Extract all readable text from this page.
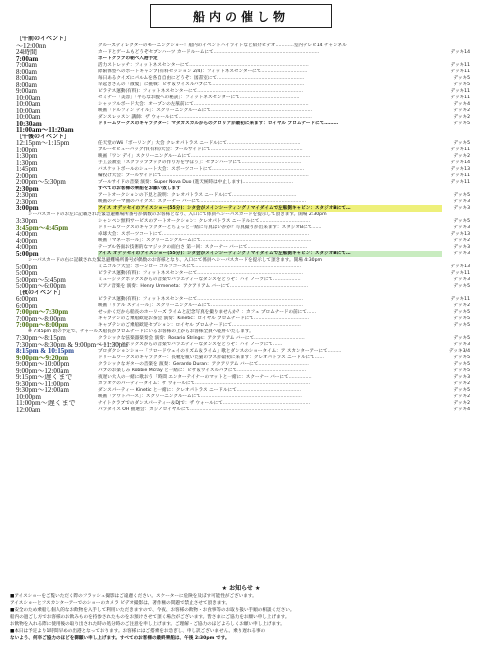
船内の催し物
［午前のイベント］
～12:00nn	クルーズディレクターのモーニングショー！船内のイベントハイライトなど紹介ビデオ…………室内テレビ14 チャンネル
24時間	カードとゲームもどうぞセブンハーツ カードルームにて……………………………………………………………	デッキ14
7:00am	ボートクラブの朝べ入港予定
7:00am	活力ストレッチ：フィットネスセンターにて……………………………………………………………………	デッキ11
8:00am	際限体型へのボートキャンプ(有料セッション 2/4)：フィットネスセンターにて…………………………	デッキ11
8:00am	毎日あるクイズにパルムを各自自由にどうぞ：図書室にて…………………………………………………	デッキ5
8:00am	早起きさんの「散髪」に挑戦：ピザ＆ウイスルバブにて……………………………………………………	デッキ5
9:00am	ピラテス運動(有料)：フィットネスセンターにて……………………………………………………………	デッキ11
10:00am	セミナー「美容」「平らなお腹への秘訣」：フィットネスセンターにて…………………………………	デッキ11
10:00am	シャッフルボード大会：オープンの左舷前にて…………………………………………………………………	デッキ4
10:00am	映画「ドルフィン テイル」：スクリーニングルームにて…………………………………………………………	デッキ2
10:00am	ダンスレッスン 講師：ザ ウォールにて……………………………………………………………………………	デッキ2
10:30am	ドリームワークスのキャラクター：マダガスカルからのグロリアが最初に来ます：ロイヤル プロムナードにて………	デッキ5
11:00am～11:20am
［午後のイベント］
12:15pm～1:15pm	任天堂のWii「ボーリング」大会 クレオパトラス ニードルにて…………………………………………	デッキ5
1:00pm	ブルーゼビューバッグ作(有料)大会：ブールサイドにて……………………………………………………	デッキ11
1:30pm	映画「ワン デイ」スクリーニングルームにて……………………………………………………………………	デッキ2
1:30pm	手工芸教室「スクラップブックの作り方を学ぼう」：セブンハーツにて…………………………………	デッキ14
1:45pm	バスケットボールのシュート大会：スポーツコートにて……………………………………………………	デッキ13
2:00pm	輪投げ大会：プールサイドにて……………………………………………………………………………………	デッキ11
2:00pm～5:30pm	プールサイドの音楽 演奏：Super Nova Duo (進天候時は中止します)……………………………	デッキ11
2:30pm	すべてのお客様の乗船をお願い致します
2:30pm	アートオークションの下見と説明：クレオパトラス ニードルにて……………………………………	デッキ5
2:30pm	映画のテーマ曲のバイクス：スクーナー バーにて……………………………………………………………	デッキ3
3:00pm	アイス オデッセイのアイスショー(55分)：シタ会がメインシーティング / マイダイムで左舷側キャビン：スタジオBにて…	デッキ3
シーパスカードのお左に記載された緊急避難場所番号が偶数のお客様となり、入口にて係員へシーパスカードを提示して頂きます。開場 2:30pm
3:30pm	シャンペン無料サービスのアートオークション：クレオパトラス ニードルにて……………………………	デッキ5
3:45pm～4:45pm	ドリームワークスのキャラクターとちょっと一緒に写真はいかが？写真撮りが出来ます：スタジオBにて……	デッキ3
4:00pm	卓球大会：スポーツコートにて……………………………………………………………………………………	デッキ13
4:00pm	映画「マネーボール」：スクリーニングルームにて………………………………………………………………	デッキ2
4:00pm	テーブル各面お技術的なマジックの面白さ 第一回：スクーナー バーにて…………………………………	デッキ3
5:00pm	アイス オデッセイのアイスショー(55分)：シタ会がメインシーティング / マイダイムで左舷側キャビン：スタジオBにて…	デッキ3
シーパスカードの右に記載された緊急避難場所番号が偶数のお客様となり、入口にて係員へシーパスカードを提示して頂きます。開場 4:30pm
5:00pm	ミニゴルフ大会：ボーンロー ゴルフコースにて……………………………………………………………	デッキ13
5:00pm	ピラテス運動(有料)：フィットネスセンターにて……………………………………………………………	デッキ11
5:00pm～5:45pm	ミュージックボックスからの音楽でバラエティーなダンスをどうぞ：ハイ ノーツにて………………	デッキ3
5:00pm～6:00pm	ピアノ音楽を 演奏：Henry Urmeneta：アクアリアム バーにて……………………………………………	デッキ5
［夜のイベント］
6:00pm	ピラテス運動(有料)：フィットネスセンターにて……………………………………………………………	デッキ11
6:00pm	映画「リアル スティール」：スクリーニングルームにて……………………………………………………	デッキ2
7:00pm～7:30pm	せっかくだから船長のホーリーズ ライムと記念写真を撮りませんか？：カフェ プロムナードの前にて……	デッキ5
7:00pm～8:00pm	キャプテンのご乗船歓迎お茶会 演奏：Kinetic：ロイヤル プロムナードにて………………………………	デッキ5
7:00pm～8:00pm	キャプテンのご乗船歓迎セプション：ロイヤル プロムナードにて………………………………………	デッキ5
※ 7:45pm 頃の予定で、チャールズ船長がプロムナードにいるお客様の上からお客様全員へ乾杯いたします。
7:30pm～8:15pm	クラシックな弦楽器楽奏会 演奏：Rosario Strings：アクアリアム バーにて……………………………	デッキ5
7:30pm～8:30pm & 9:00pm～11:30pm
ミュージックボックスからの音楽でバラエティーなダンスをどうぞ：ハイ ノーツにて……	デッキ3
8:15pm & 10:15pm	プロダクションショー「フロードウェイのリズム＆ライム」歌とダンスのショータイム：ア スカンターアーにて………	デッキ3/4
9:00pm～9:20pm	ドリームワークスのキャラクター：長靴を履いた猫のプスが最初に来ます：クレオパトラス ニードルにて……	デッキ5
9:00pm～10:00pm	クラシックなギターの音楽を 演奏：Gerardo Duran：アクアリアム バーにて……………………………	デッキ5
9:00pm～12:00am	パブのお楽しみ Robbie Mcray と一緒に：ピザ＆ウイスルバブにて………………………………………	デッキ5
9:15pm～遅くまで	夜遅い大人の一緒に歌おう「時間 エンターテイナーのマットと一緒に：スクーナー バーにて……………	デッキ3
9:30pm～11:00pm	カラオケのパーティータイム：ザ ウォールにて…………………………………………………………………	デッキ2
9:30pm～12:00am	ダンスパーティー Kinetic と一緒に：クレオパトラス ニードルにて……………………………………	デッキ5
10:00pm	映画「アウトバース」：スクリーニングルームにて…………………………………………………………	デッキ2
11:00pm～遅くまで	ナイトクラブでのダンスパーティー＆DJで：ザ ウォールにて…………………………………………………	デッキ2
12:00am	パラダイス OH 抽選会：カジノロイヤルにて………………………………………………………………	デッキ4
★ お知らせ ★
■アイスショーをご覧いただく際のフラッシュ撮影はご遠慮ください。スケーターに危険を及ぼす可能性がございます。
アイスショーとフスカンターアーでのショーのカメラ ビデオ撮影は、著作権の問題で禁止させて頂きます。
■安全のため乗船し個人的なお飲物を入手して利用いただきますので、今夜、お客様の飲物・お食事等のお取り扱い手順の相談ください。
船内の過ごし方でお客様のお飲みものを持参されたものをお預けさせて頂く場合がございます。皆さまにご協力をお願い申し上げます。
お飲物を入れる際に使用後の取り出された時の処分時のご注意を申し上げます。ご理解・ご協力のほどよろしくお願い申し上げます。
■本日は予定より1時間早めの出港となっております。お客様にはご搭乗をお急ぎし、申し訳ございません。乗り遅れる事の
ないよう、何卒ご協力のほどを御願い申し上げます。すべてのお客様の最終乗船は、午後 2:30pm です。
